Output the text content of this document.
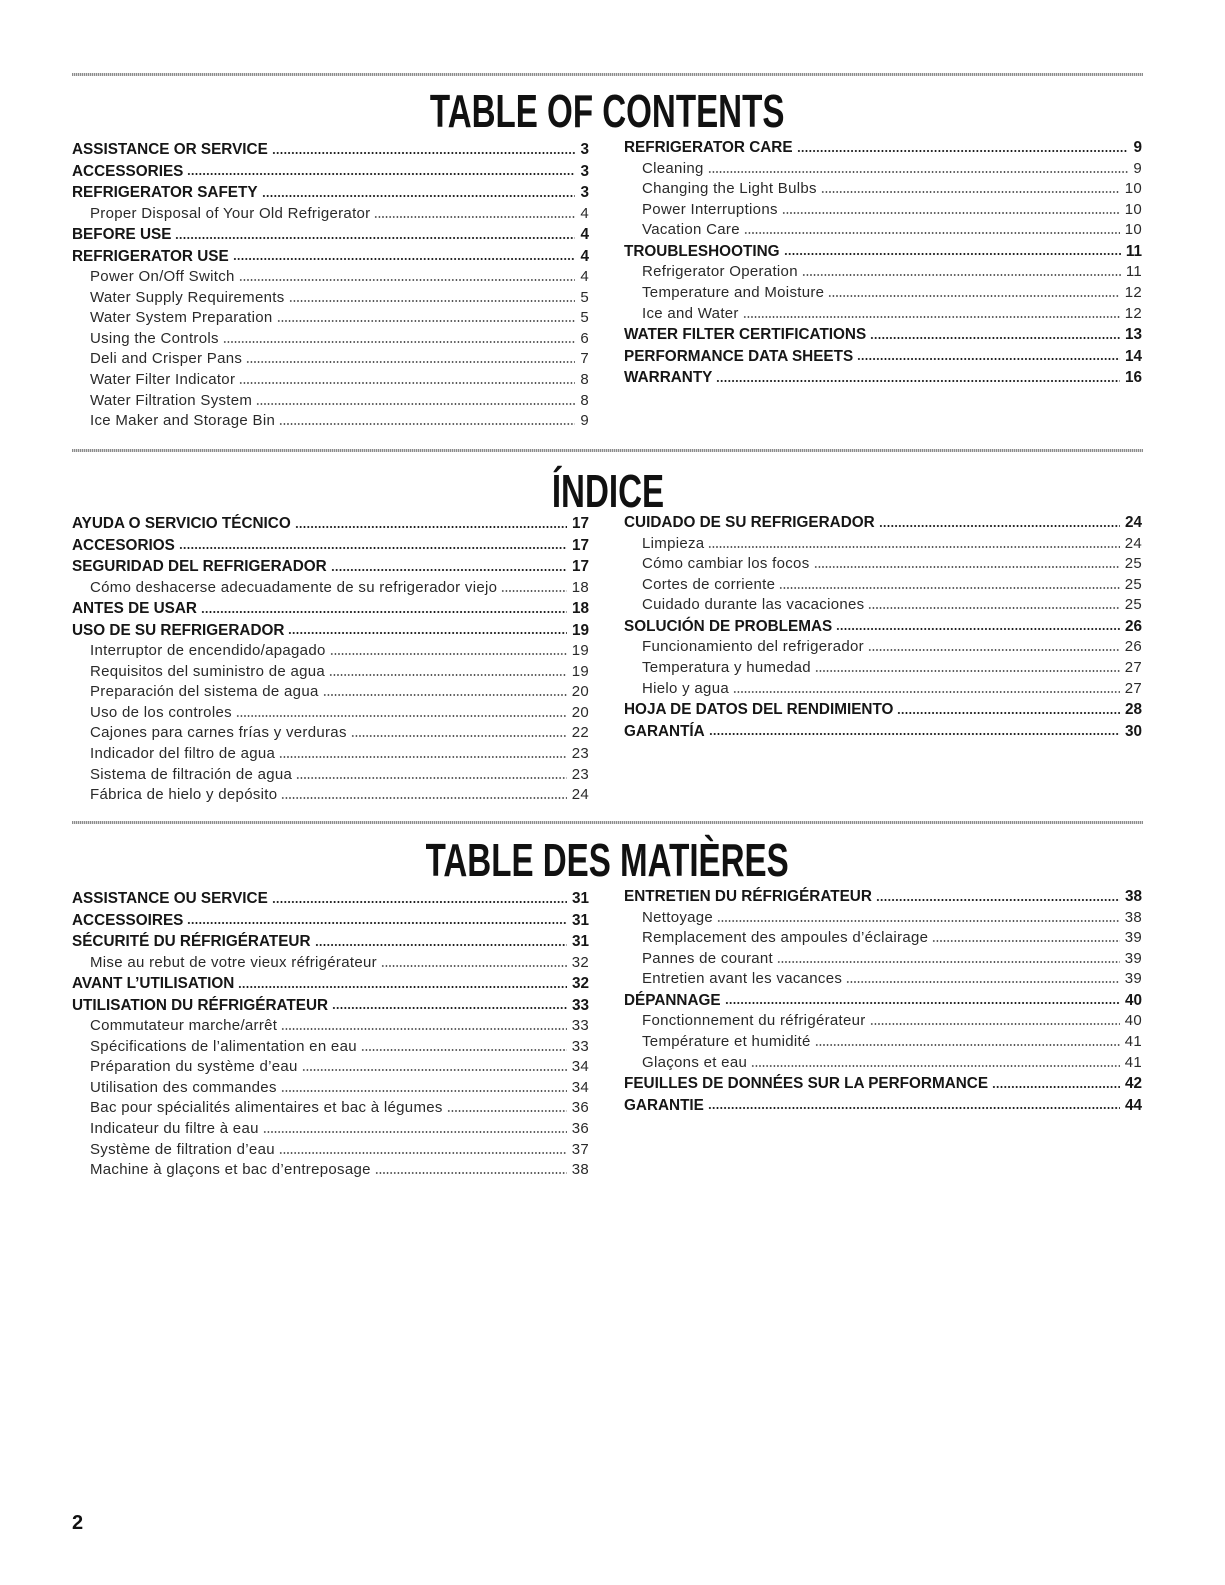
TABLE OF CONTENTS
ASSISTANCE OR SERVICE	3
ACCESSORIES	3
REFRIGERATOR SAFETY	3
Proper Disposal of Your Old Refrigerator	4
BEFORE USE	4
REFRIGERATOR USE	4
Power On/Off Switch	4
Water Supply Requirements	5
Water System Preparation	5
Using the Controls	6
Deli and Crisper Pans	7
Water Filter Indicator	8
Water Filtration System	8
Ice Maker and Storage Bin	9
REFRIGERATOR CARE	9
Cleaning	9
Changing the Light Bulbs	10
Power Interruptions	10
Vacation Care	10
TROUBLESHOOTING	11
Refrigerator Operation	11
Temperature and Moisture	12
Ice and Water	12
WATER FILTER CERTIFICATIONS	13
PERFORMANCE DATA SHEETS	14
WARRANTY	16
ÍNDICE
AYUDA O SERVICIO TÉCNICO	17
ACCESORIOS	17
SEGURIDAD DEL REFRIGERADOR	17
Cómo deshacerse adecuadamente de su refrigerador viejo	18
ANTES DE USAR	18
USO DE SU REFRIGERADOR	19
Interruptor de encendido/apagado	19
Requisitos del suministro de agua	19
Preparación del sistema de agua	20
Uso de los controles	20
Cajones para carnes frías y verduras	22
Indicador del filtro de agua	23
Sistema de filtración de agua	23
Fábrica de hielo y depósito	24
CUIDADO DE SU REFRIGERADOR	24
Limpieza	24
Cómo cambiar los focos	25
Cortes de corriente	25
Cuidado durante las vacaciones	25
SOLUCIÓN DE PROBLEMAS	26
Funcionamiento del refrigerador	26
Temperatura y humedad	27
Hielo y agua	27
HOJA DE DATOS DEL RENDIMIENTO	28
GARANTÍA	30
TABLE DES MATIÈRES
ASSISTANCE OU SERVICE	31
ACCESSOIRES	31
SÉCURITÉ DU RÉFRIGÉRATEUR	31
Mise au rebut de votre vieux réfrigérateur	32
AVANT L’UTILISATION	32
UTILISATION DU RÉFRIGÉRATEUR	33
Commutateur marche/arrêt	33
Spécifications de l’alimentation en eau	33
Préparation du système d’eau	34
Utilisation des commandes	34
Bac pour spécialités alimentaires et bac à légumes	36
Indicateur du filtre à eau	36
Système de filtration d’eau	37
Machine à glaçons et bac d’entreposage	38
ENTRETIEN DU RÉFRIGÉRATEUR	38
Nettoyage	38
Remplacement des ampoules d’éclairage	39
Pannes de courant	39
Entretien avant les vacances	39
DÉPANNAGE	40
Fonctionnement du réfrigérateur	40
Température et humidité	41
Glaçons et eau	41
FEUILLES DE DONNÉES SUR LA PERFORMANCE	42
GARANTIE	44
2
